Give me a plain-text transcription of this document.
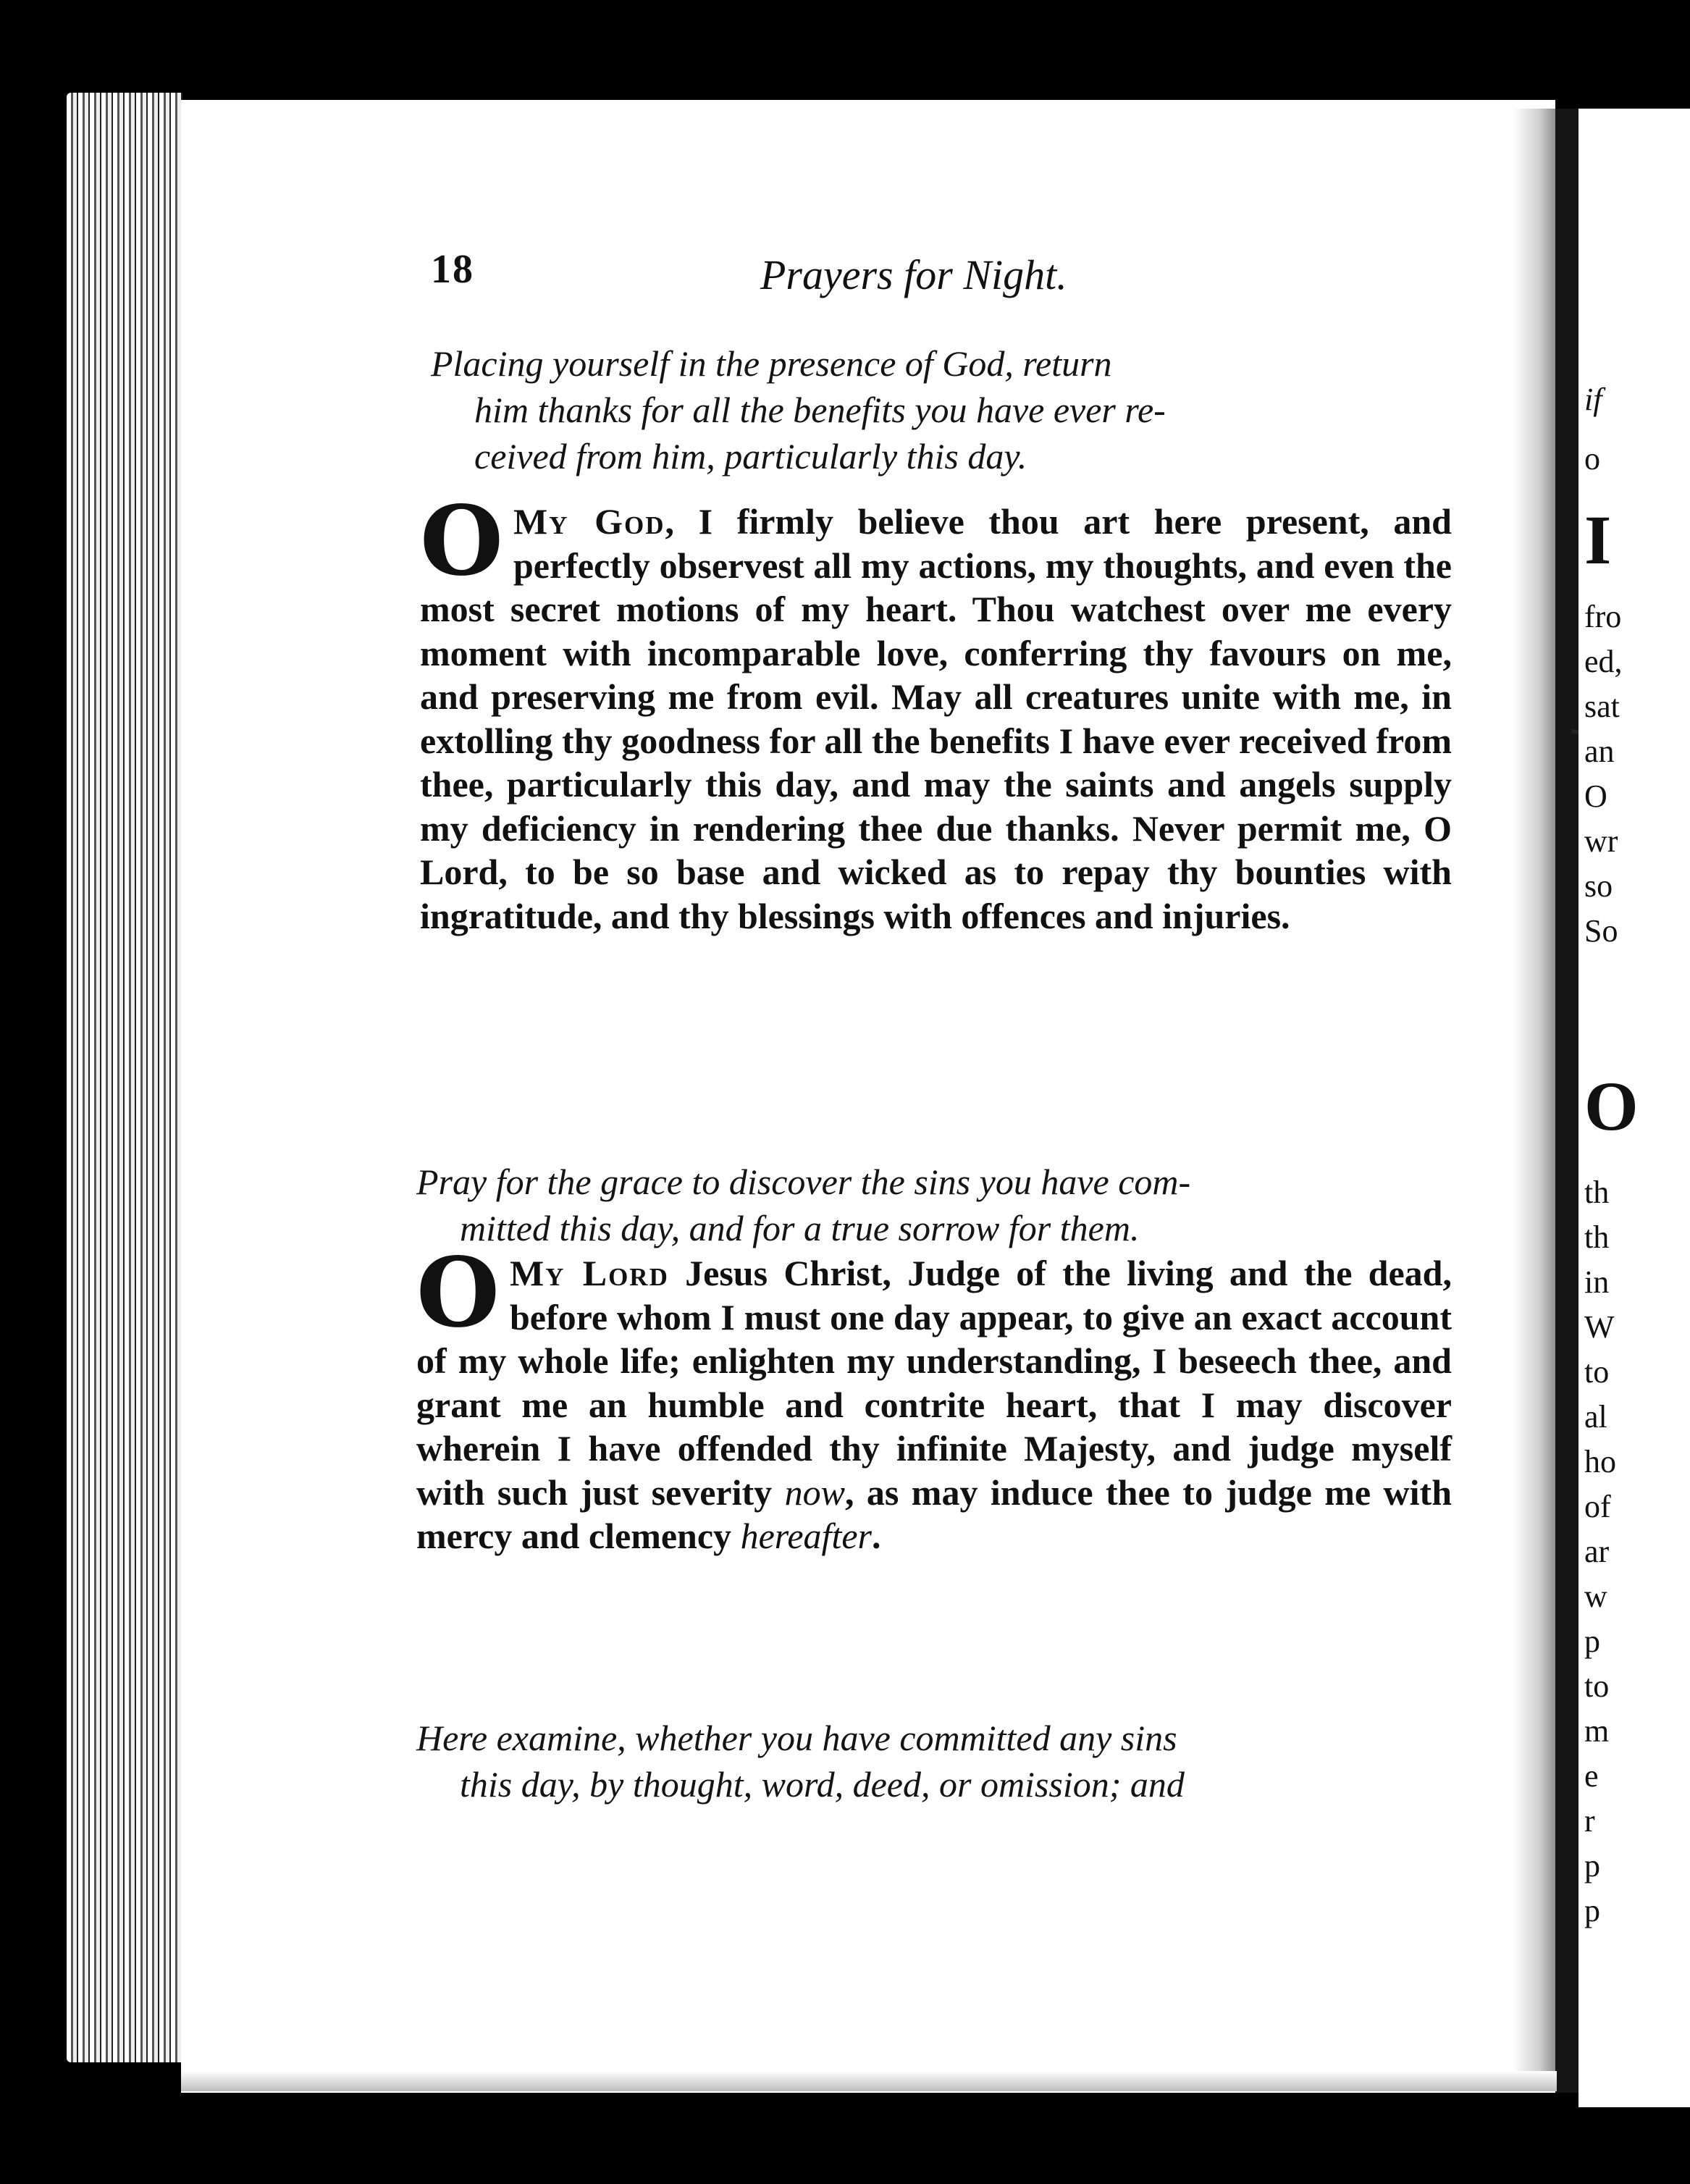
18	Prayers for Night.
Placing yourself in the presence of God, return
him thanks for all the benefits you have ever re-
ceived from him, particularly this day.
O My God, I firmly believe thou art here present, and perfectly observest all my actions, my thoughts, and even the most secret motions of my heart. Thou watchest over me every moment with incomparable love, conferring thy favours on me, and preserving me from evil. May all creatures unite with me, in extolling thy goodness for all the benefits I have ever received from thee, particularly this day, and may the saints and angels supply my deficiency in rendering thee due thanks. Never permit me, O Lord, to be so base and wicked as to repay thy bounties with ingratitude, and thy blessings with offences and injuries.
Pray for the grace to discover the sins you have com-
mitted this day, and for a true sorrow for them.
O My Lord Jesus Christ, Judge of the living and the dead, before whom I must one day appear, to give an exact account of my whole life; enlighten my understanding, I beseech thee, and grant me an humble and contrite heart, that I may discover wherein I have offended thy infinite Majesty, and judge myself with such just severity now, as may induce thee to judge me with mercy and clemency hereafter.
Here examine, whether you have committed any sins
this day, by thought, word, deed, or omission; and
if
o
I
fro
ed,
sat
an
O
wr
so
So
O
th
th
in
W
to
al
ho
of
ar
w
p
to
m
e
r
p
p
